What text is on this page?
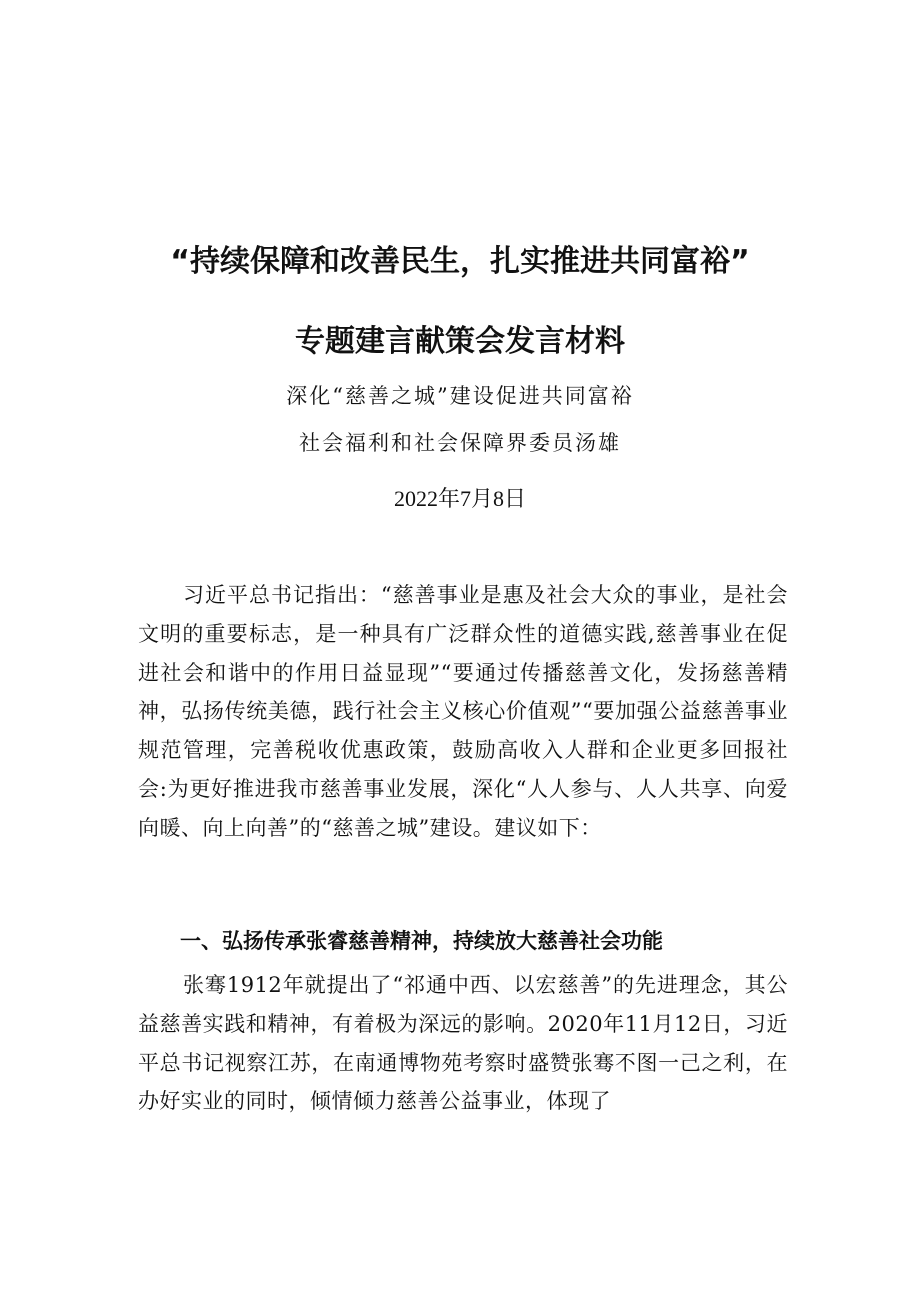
“持续保障和改善民生，扎实推进共同富裕”
专题建言献策会发言材料
深化“慈善之城”建设促进共同富裕
社会福利和社会保障界委员汤雄
2022年7月8日

习近平总书记指出：“慈善事业是惠及社会大众的事业，是社会文明的重要标志，是一种具有广泛群众性的道德实践,慈善事业在促进社会和谐中的作用日益显现”“要通过传播慈善文化，发扬慈善精神，弘扬传统美德，践行社会主义核心价值观”“要加强公益慈善事业规范管理，完善税收优惠政策，鼓励高收入人群和企业更多回报社会:为更好推进我市慈善事业发展，深化“人人参与、人人共享、向爱向暖、向上向善”的“慈善之城”建设。建议如下：

一、弘扬传承张睿慈善精神，持续放大慈善社会功能

张骞1912年就提出了“祁通中西、以宏慈善”的先进理念，其公益慈善实践和精神，有着极为深远的影响。2020年11月12日，习近平总书记视察江苏，在南通博物苑考察时盛赞张骞不图一己之利，在办好实业的同时，倾情倾力慈善公益事业，体现了
